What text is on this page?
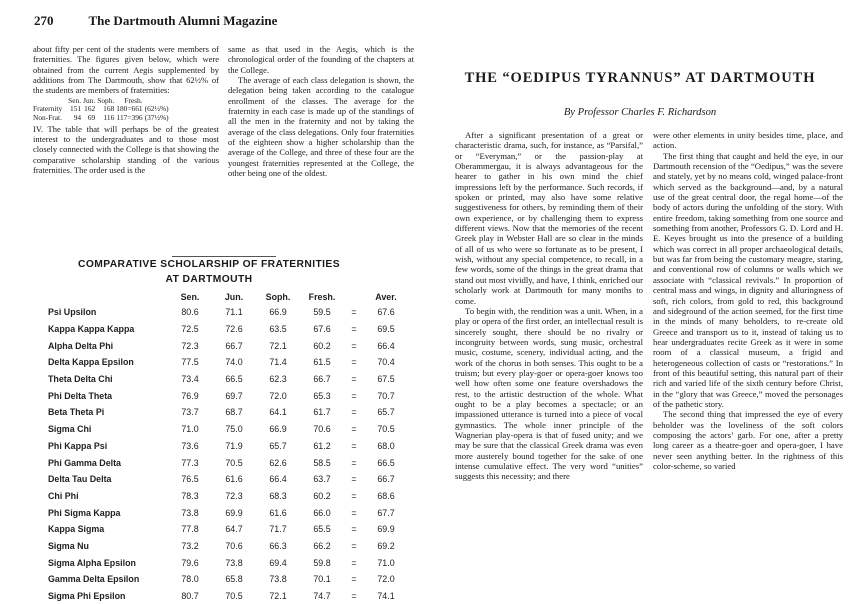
270	The Dartmouth Alumni Magazine

about fifty per cent of the students were members of fraternities. The figures given below, which were obtained from the current Aegis supplemented by additions from The Dartmouth, show that 62½% of the students are members of fraternities:

	Sen.	Jun.	Soph.	Fresh.	
Fraternity	151	162	168	180=661	(62½%)
Non-Frat.	94	69	116	117=396	(37½%)

IV. The table that will perhaps be of the greatest interest to the undergraduates and to those most closely connected with the College is that showing the comparative scholarship standing of the various fraternities. The order used is the

same as that used in the Aegis, which is the chronological order of the founding of the chapters at the College.

The average of each class delegation is shown, the delegation being taken according to the catalogue enrollment of the classes. The average for the fraternity in each case is made up of the standings of all the men in the fraternity and not by taking the average of the class delegations. Only four fraternities of the eighteen show a higher scholarship than the average of the College, and three of these four are the youngest fraternities represented at the College, the other being one of the oldest.

COMPARATIVE SCHOLARSHIP OF FRATERNITIES
AT DARTMOUTH
	Sen.	Jun.	Soph.	Fresh.		Aver.
Psi Upsilon	80.6	71.1	66.9	59.5	=	67.6
Kappa Kappa Kappa	72.5	72.6	63.5	67.6	=	69.5
Alpha Delta Phi	72.3	66.7	72.1	60.2	=	66.4
Delta Kappa Epsilon	77.5	74.0	71.4	61.5	=	70.4
Theta Delta Chi	73.4	66.5	62.3	66.7	=	67.5
Phi Delta Theta	76.9	69.7	72.0	65.3	=	70.7
Beta Theta Pi	73.7	68.7	64.1	61.7	=	65.7
Sigma Chi	71.0	75.0	66.9	70.6	=	70.5
Phi Kappa Psi	73.6	71.9	65.7	61.2	=	68.0
Phi Gamma Delta	77.3	70.5	62.6	58.5	=	66.5
Delta Tau Delta	76.5	61.6	66.4	63.7	=	66.7
Chi Phi	78.3	72.3	68.3	60.2	=	68.6
Phi Sigma Kappa	73.8	69.9	61.6	66.0	=	67.7
Kappa Sigma	77.8	64.7	71.7	65.5	=	69.9
Sigma Nu	73.2	70.6	66.3	66.2	=	69.2
Sigma Alpha Epsilon	79.6	73.8	69.4	59.8	=	71.0
Gamma Delta Epsilon	78.0	65.8	73.8	70.1	=	72.0
Sigma Phi Epsilon	80.7	70.5	72.1	74.7	=	74.1
THE “OEDIPUS TYRANNUS” AT DARTMOUTH
By Professor Charles F. Richardson

After a significant presentation of a great or characteristic drama, such, for instance, as “Parsifal,” or “Everyman,” or the passion-play at Oberammergau, it is always advantageous for the hearer to gather in his own mind the chief impressions left by the performance. Such records, if spoken or printed, may also have some relative suggestiveness for others, by reminding them of their own experience, or by challenging them to express different views. Now that the memories of the recent Greek play in Webster Hall are so clear in the minds of all of us who were so fortunate as to be present, I wish, without any special competence, to recall, in a few words, some of the things in the great drama that stand out most vividly, and have, I think, enriched our scholarly work at Dartmouth for many months to come.

To begin with, the rendition was a unit. When, in a play or opera of the first order, an intellectual result is sincerely sought, there should be no rivalry or incongruity between words, sung music, orchestral music, costume, scenery, individual acting, and the work of the chorus in both senses. This ought to be a truism; but every play-goer or opera-goer knows too well how often some one feature overshadows the rest, to the artistic destruction of the whole. What ought to be a play becomes a spectacle; or an impassioned utterance is turned into a piece of vocal gymnastics. The whole inner principle of the Wagnerian play-opera is that of fused unity; and we may be sure that the classical Greek drama was even more austerely bound together for the sake of one intense cumulative effect. The very word “unities” suggests this necessity; and there

were other elements in unity besides time, place, and action.

The first thing that caught and held the eye, in our Dartmouth recension of the “Oedipus,” was the severe and stately, yet by no means cold, winged palace-front which served as the background—and, by a natural use of the great central door, the regal home—of the body of actors during the unfolding of the story. With entire freedom, taking something from one source and something from another, Professors G. D. Lord and H. E. Keyes brought us into the presence of a building which was correct in all proper archaeological details, but was far from being the customary meagre, staring, and conventional row of columns or walls which we associate with “classical revivals.” In proportion of central mass and wings, in dignity and alluringness of soft, rich colors, from gold to red, this background and sideground of the action seemed, for the first time in the minds of many beholders, to re-create old Greece and transport us to it, instead of taking us to hear undergraduates recite Greek as it were in some room of a classical museum, a frigid and heterogeneous collection of casts or “restorations.” In front of this beautiful setting, this natural part of their rich and varied life of the sixth century before Christ, in the “glory that was Greece,” moved the personages of the pathetic story.

The second thing that impressed the eye of every beholder was the loveliness of the soft colors composing the actors’ garb. For one, after a pretty long career as a theatre-goer and opera-goer, I have never seen anything better. In the rightness of this color-scheme, so varied
